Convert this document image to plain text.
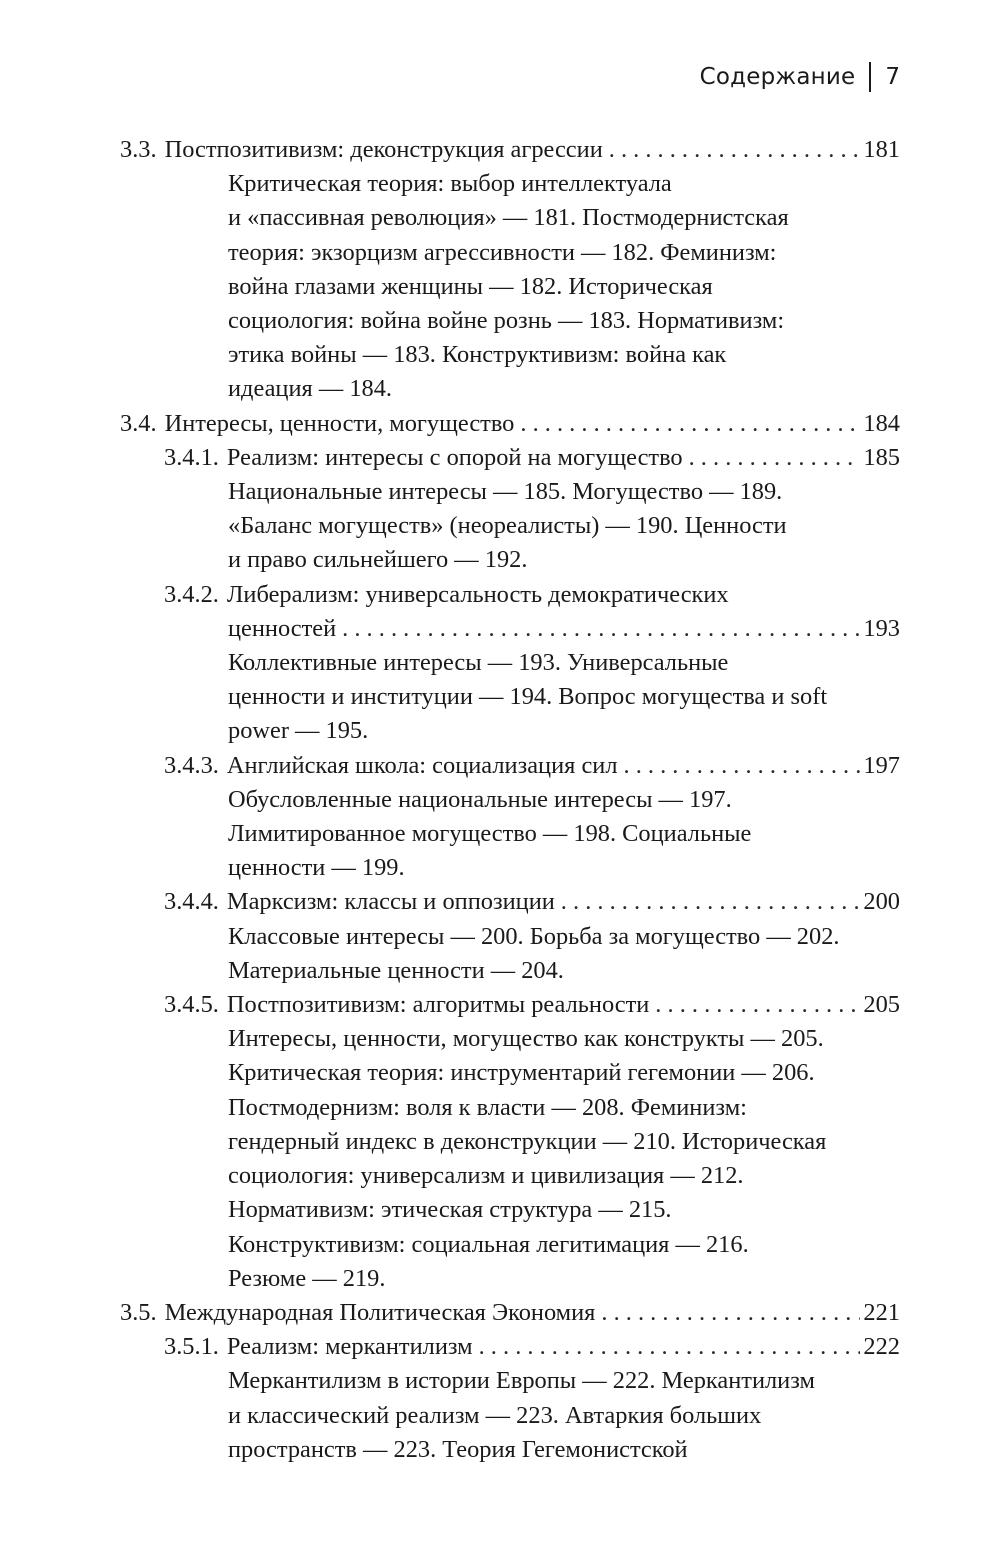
Содержание 7
3.3. Постпозитивизм: деконструкция агрессии . . .	181
Критическая теория: выбор интеллектуала
и «пассивная революция» — 181. Постмодернистская
теория: экзорцизм агрессивности — 182. Феминизм:
война глазами женщины — 182. Историческая
социология: война войне рознь — 183. Нормативизм:
этика войны — 183. Конструктивизм: война как
идеация — 184.
3.4. Интересы, ценности, могущество . . .	184
3.4.1. Реализм: интересы с опорой на могущество . . .	185
Национальные интересы — 185. Могущество — 189.
«Баланс могуществ» (неореалисты) — 190. Ценности
и право сильнейшего — 192.
3.4.2. Либерализм: универсальность демократических
ценностей . . .	193
Коллективные интересы — 193. Универсальные
ценности и институции — 194. Вопрос могущества и soft
power — 195.
3.4.3. Английская школа: социализация сил . . .	197
Обусловленные национальные интересы — 197.
Лимитированное могущество — 198. Социальные
ценности — 199.
3.4.4. Марксизм: классы и оппозиции . . .	200
Классовые интересы — 200. Борьба за могущество — 202.
Материальные ценности — 204.
3.4.5. Постпозитивизм: алгоритмы реальности . . .	205
Интересы, ценности, могущество как конструкты — 205.
Критическая теория: инструментарий гегемонии — 206.
Постмодернизм: воля к власти — 208. Феминизм:
гендерный индекс в деконструкции — 210. Историческая
социология: универсализм и цивилизация — 212.
Нормативизм: этическая структура — 215.
Конструктивизм: социальная легитимация — 216.
Резюме — 219.
3.5. Международная Политическая Экономия . . .	221
3.5.1. Реализм: меркантилизм . . .	222
Меркантилизм в истории Европы — 222. Меркантилизм
и классический реализм — 223. Автаркия больших
пространств — 223. Теория Гегемонистской
